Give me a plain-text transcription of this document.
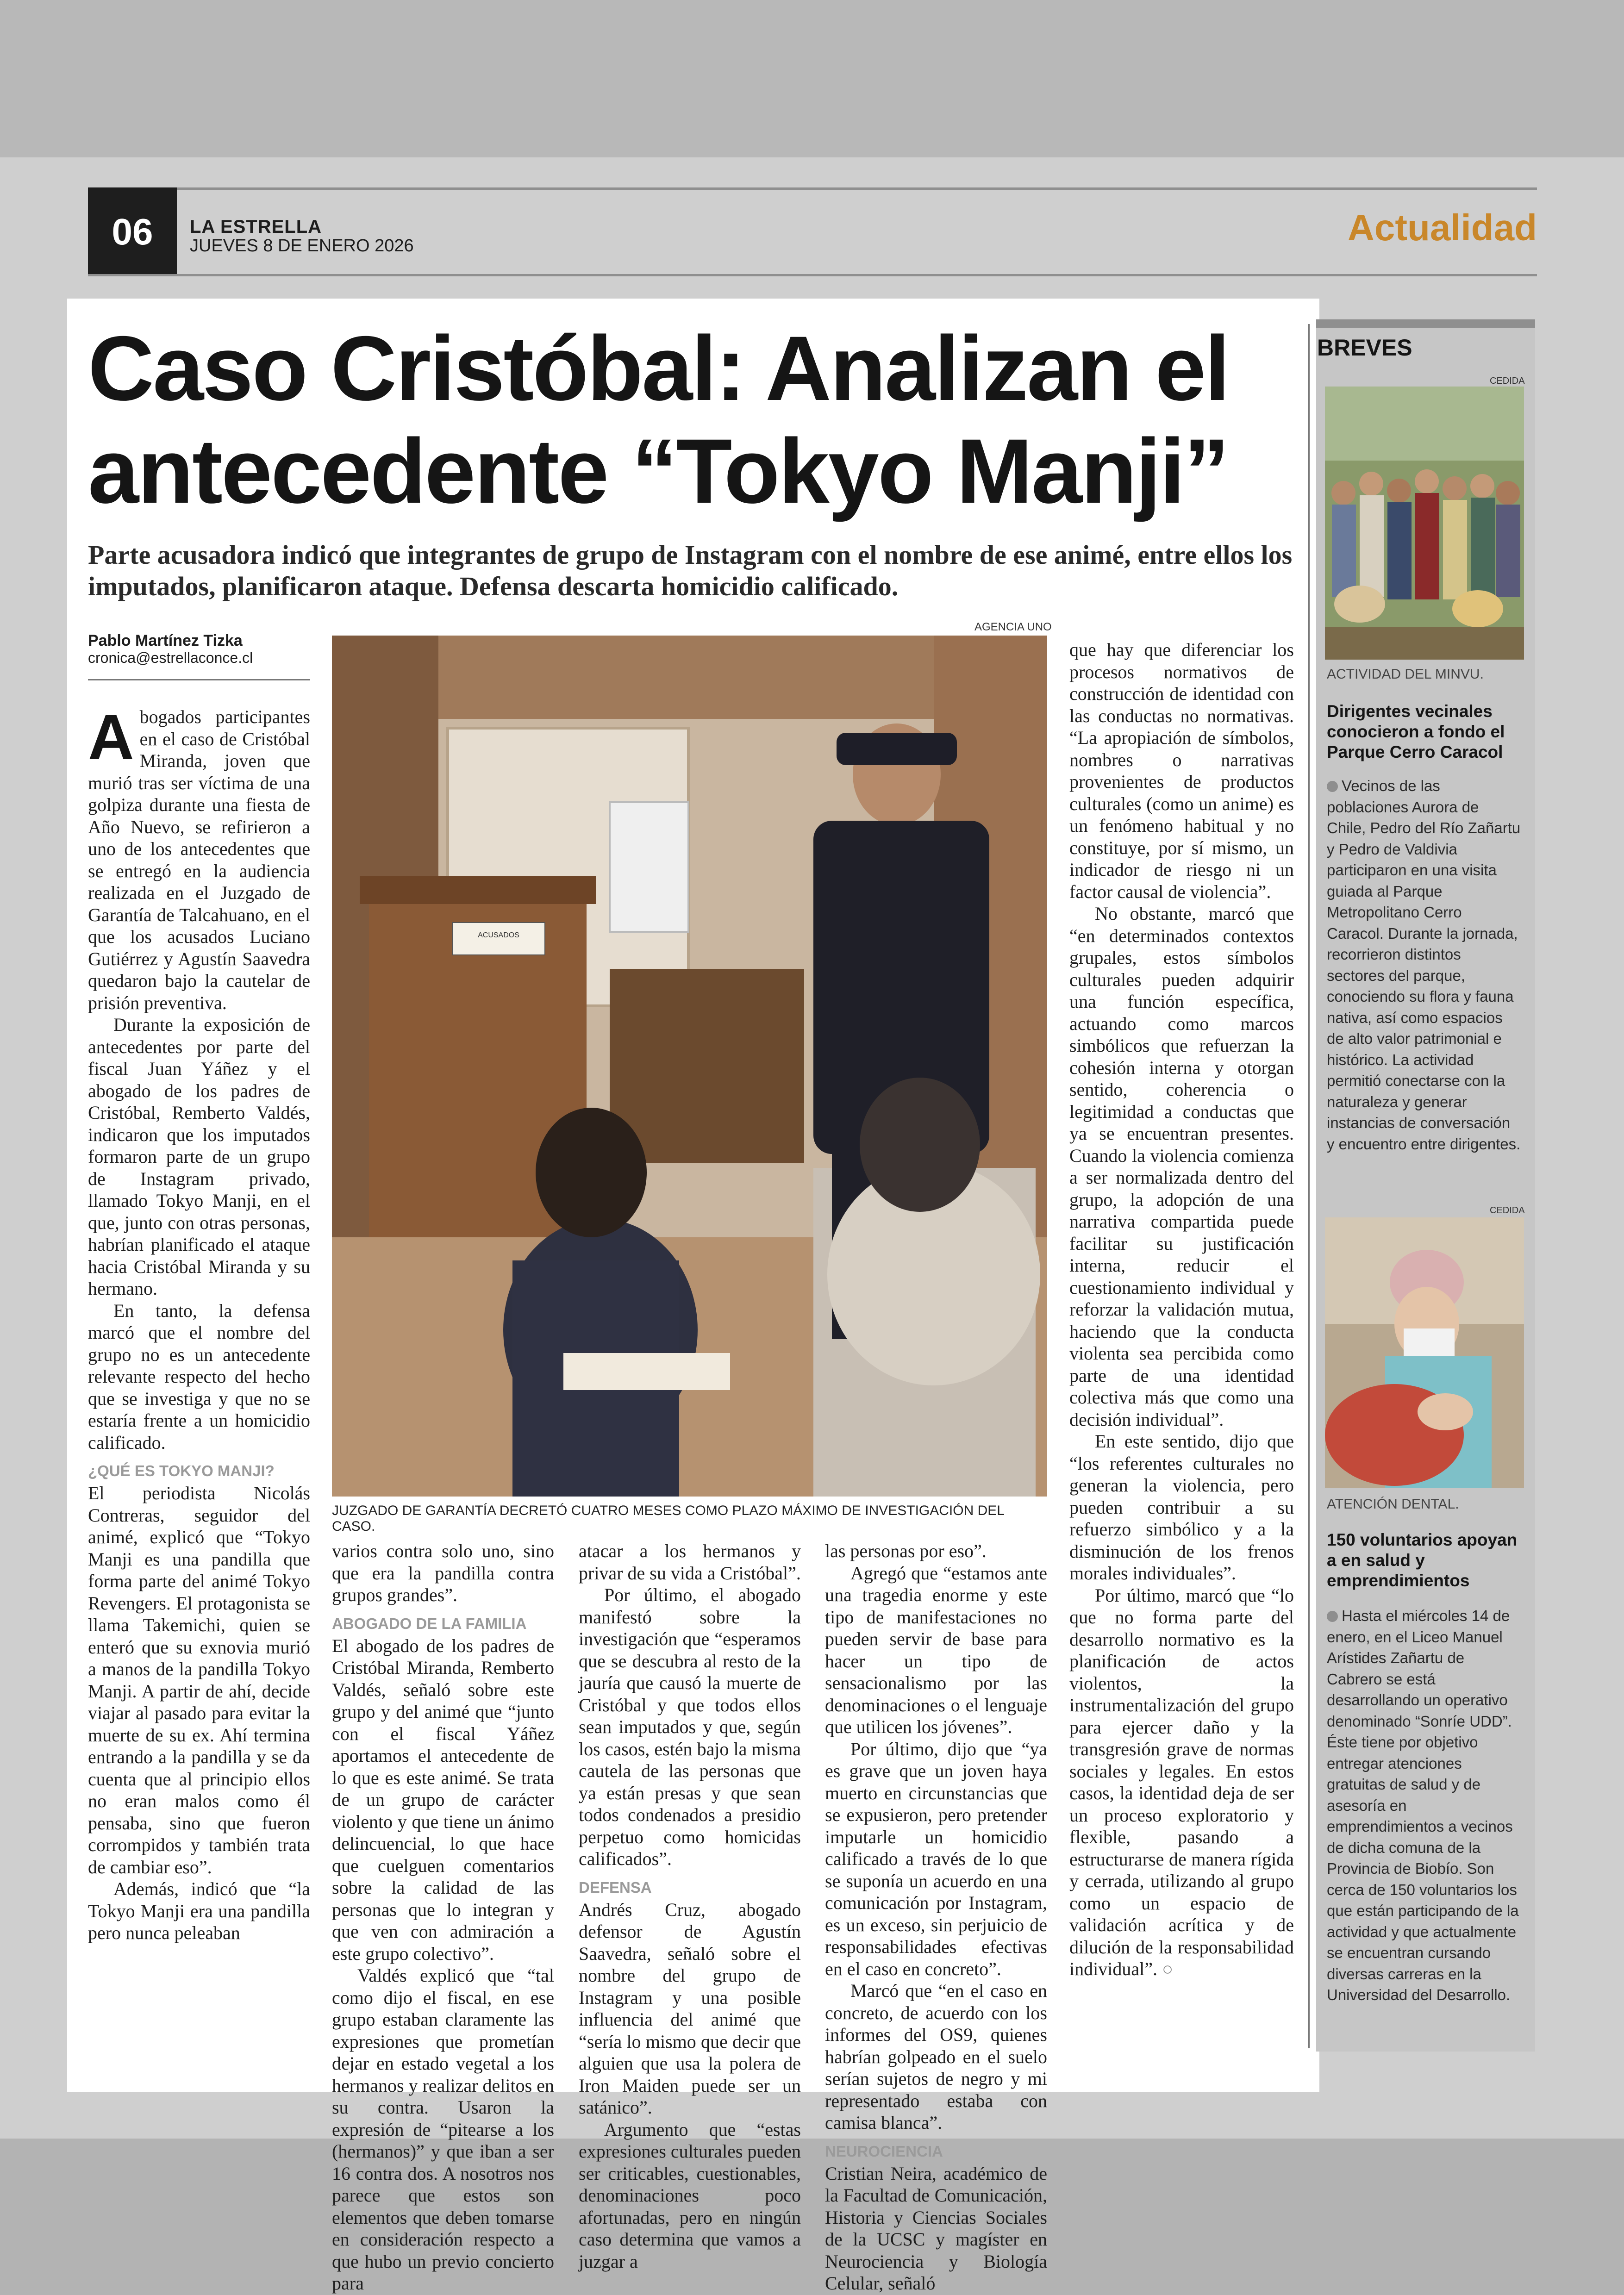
06	LA ESTRELLA
JUEVES 8 DE ENERO 2026	Actualidad
Caso Cristóbal: Analizan el antecedente “Tokyo Manji”
Parte acusadora indicó que integrantes de grupo de Instagram con el nombre de ese animé, entre ellos los imputados, planificaron ataque. Defensa descarta homicidio calificado.
Pablo Martínez Tizka
cronica@estrellaconce.cl
AGENCIA UNO
ACUSADOS
JUZGADO DE GARANTÍA DECRETÓ CUATRO MESES COMO PLAZO MÁXIMO DE INVESTIGACIÓN DEL CASO.

Abogados participantes en el caso de Cristóbal Miranda, joven que murió tras ser víctima de una golpiza durante una fiesta de Año Nuevo, se refirieron a uno de los antecedentes que se entregó en la audiencia realizada en el Juzgado de Garantía de Talcahuano, en el que los acusados Luciano Gutiérrez y Agustín Saavedra quedaron bajo la cautelar de prisión preventiva.

Durante la exposición de antecedentes por parte del fiscal Juan Yáñez y el abogado de los padres de Cristóbal, Remberto Valdés, indicaron que los imputados formaron parte de un grupo de Instagram privado, llamado Tokyo Manji, en el que, junto con otras personas, habrían planificado el ataque hacia Cristóbal Miranda y su hermano.

En tanto, la defensa marcó que el nombre del grupo no es un antecedente relevante respecto del hecho que se investiga y que no se estaría frente a un homicidio calificado.

¿QUÉ ES TOKYO MANJI?

El periodista Nicolás Contreras, seguidor del animé, explicó que “Tokyo Manji es una pandilla que forma parte del animé Tokyo Revengers. El protagonista se llama Takemichi, quien se enteró que su exnovia murió a manos de la pandilla Tokyo Manji. A partir de ahí, decide viajar al pasado para evitar la muerte de su ex. Ahí termina entrando a la pandilla y se da cuenta que al principio ellos no eran malos como él pensaba, sino que fueron corrompidos y también trata de cambiar eso”.

Además, indicó que “la Tokyo Manji era una pandilla pero nunca peleaban

varios contra solo uno, sino que era la pandilla contra grupos grandes”.

ABOGADO DE LA FAMILIA

El abogado de los padres de Cristóbal Miranda, Remberto Valdés, señaló sobre este grupo y del animé que “junto con el fiscal Yáñez aportamos el antecedente de lo que es este animé. Se trata de un grupo de carácter violento y que tiene un ánimo delincuencial, lo que hace que cuelguen comentarios sobre la calidad de las personas que lo integran y que ven con admiración a este grupo colectivo”.

Valdés explicó que “tal como dijo el fiscal, en ese grupo estaban claramente las expresiones que prometían dejar en estado vegetal a los hermanos y realizar delitos en su contra. Usaron la expresión de “pitearse a los (hermanos)” y que iban a ser 16 contra dos. A nosotros nos parece que estos son elementos que deben tomarse en consideración respecto a que hubo un previo concierto para

atacar a los hermanos y privar de su vida a Cristóbal”.

Por último, el abogado manifestó sobre la investigación que “esperamos que se descubra al resto de la jauría que causó la muerte de Cristóbal y que todos ellos sean imputados y que, según los casos, estén bajo la misma cautela de las personas que ya están presas y que sean todos condenados a presidio perpetuo como homicidas calificados”.

DEFENSA

Andrés Cruz, abogado defensor de Agustín Saavedra, señaló sobre el nombre del grupo de Instagram y una posible influencia del animé que “sería lo mismo que decir que alguien que usa la polera de Iron Maiden puede ser un satánico”.

Argumento que “estas expresiones culturales pueden ser criticables, cuestionables, denominaciones poco afortunadas, pero en ningún caso determina que vamos a juzgar a

las personas por eso”.

Agregó que “estamos ante una tragedia enorme y este tipo de manifestaciones no pueden servir de base para hacer un tipo de sensacionalismo por las denominaciones o el lenguaje que utilicen los jóvenes”.

Por último, dijo que “ya es grave que un joven haya muerto en circunstancias que se expusieron, pero pretender imputarle un homicidio calificado a través de lo que se suponía un acuerdo en una comunicación por Instagram, es un exceso, sin perjuicio de responsabilidades efectivas en el caso en concreto”.

Marcó que “en el caso en concreto, de acuerdo con los informes del OS9, quienes habrían golpeado en el suelo serían sujetos de negro y mi representado estaba con camisa blanca”.

NEUROCIENCIA

Cristian Neira, académico de la Facultad de Comunicación, Historia y Ciencias Sociales de la UCSC y magíster en Neurociencia y Biología Celular, señaló

que hay que diferenciar los procesos normativos de construcción de identidad con las conductas no normativas. “La apropiación de símbolos, nombres o narrativas provenientes de productos culturales (como un anime) es un fenómeno habitual y no constituye, por sí mismo, un indicador de riesgo ni un factor causal de violencia”.

No obstante, marcó que “en determinados contextos grupales, estos símbolos culturales pueden adquirir una función específica, actuando como marcos simbólicos que refuerzan la cohesión interna y otorgan sentido, coherencia o legitimidad a conductas que ya se encuentran presentes. Cuando la violencia comienza a ser normalizada dentro del grupo, la adopción de una narrativa compartida puede facilitar su justificación interna, reducir el cuestionamiento individual y reforzar la validación mutua, haciendo que la conducta violenta sea percibida como parte de una identidad colectiva más que como una decisión individual”.

En este sentido, dijo que “los referentes culturales no generan la violencia, pero pueden contribuir a su refuerzo simbólico y a la disminución de los frenos morales individuales”.

Por último, marcó que “lo que no forma parte del desarrollo normativo es la planificación de actos violentos, la instrumentalización del grupo para ejercer daño y la transgresión grave de normas sociales y legales. En estos casos, la identidad deja de ser un proceso exploratorio y flexible, pasando a estructurarse de manera rígida y cerrada, utilizando al grupo como un espacio de validación acrítica y de dilución de la responsabilidad individual”. ○

BREVES
CEDIDA
ACTIVIDAD DEL MINVU.
Dirigentes vecinales conocieron a fondo el Parque Cerro Caracol
Vecinos de las poblaciones Aurora de Chile, Pedro del Río Zañartu y Pedro de Valdivia participaron en una visita guiada al Parque Metropolitano Cerro Caracol. Durante la jornada, recorrieron distintos sectores del parque, conociendo su flora y fauna nativa, así como espacios de alto valor patrimonial e histórico. La actividad permitió conectarse con la naturaleza y generar instancias de conversación y encuentro entre dirigentes.
CEDIDA
ATENCIÓN DENTAL.
150 voluntarios apoyan a en salud y emprendimientos
Hasta el miércoles 14 de enero, en el Liceo Manuel Arístides Zañartu de Cabrero se está desarrollando un operativo denominado “Sonríe UDD”. Éste tiene por objetivo entregar atenciones gratuitas de salud y de asesoría en emprendimientos a vecinos de dicha comuna de la Provincia de Biobío. Son cerca de 150 voluntarios los que están participando de la actividad y que actualmente se encuentran cursando diversas carreras en la Universidad del Desarrollo.
